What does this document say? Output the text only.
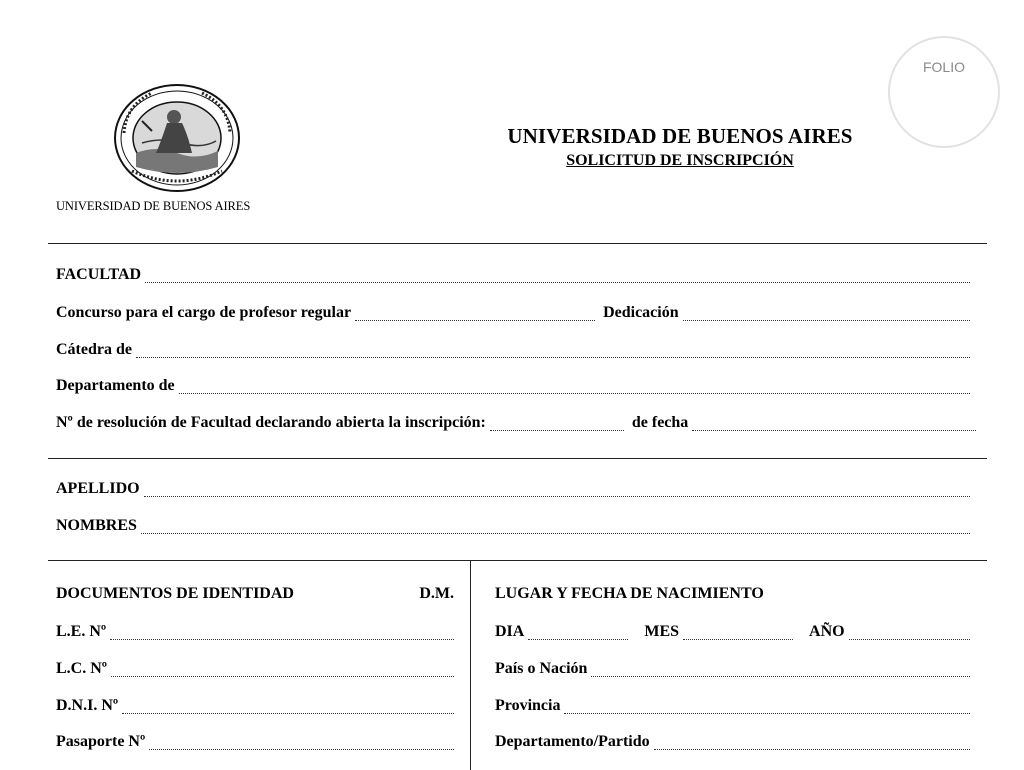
UNIVERSIDAD DE BUENOS AIRES
UNIVERSIDAD DE BUENOS AIRES
SOLICITUD DE INSCRIPCIÓN
FOLIO
FACULTAD
Concurso para el cargo de profesor regular	Dedicación
Cátedra de
Departamento de
Nº de resolución de Facultad declarando abierta la inscripción:	de fecha
APELLIDO
NOMBRES
DOCUMENTOS DE IDENTIDAD	D.M.
L.E. Nº
L.C. Nº
D.N.I. Nº
Pasaporte Nº
LUGAR Y FECHA DE NACIMIENTO
DIA	MES	AÑO
País o Nación
Provincia
Departamento/Partido
